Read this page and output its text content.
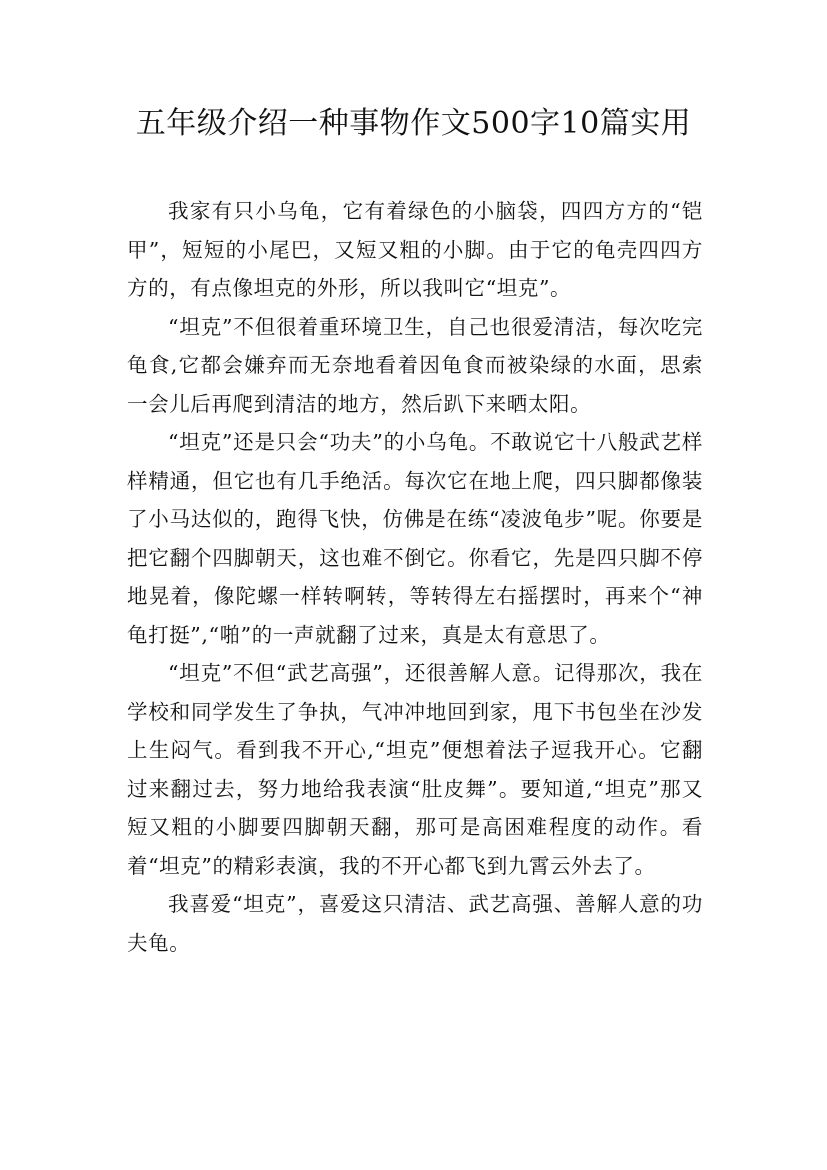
五年级介绍一种事物作文500字10篇实用

我家有只小乌龟，它有着绿色的小脑袋，四四方方的“铠甲”，短短的小尾巴，又短又粗的小脚。由于它的龟壳四四方方的，有点像坦克的外形，所以我叫它“坦克”。

“坦克”不但很着重环境卫生，自己也很爱清洁，每次吃完龟食,它都会嫌弃而无奈地看着因龟食而被染绿的水面，思索一会儿后再爬到清洁的地方，然后趴下来晒太阳。

“坦克”还是只会“功夫”的小乌龟。不敢说它十八般武艺样样精通，但它也有几手绝活。每次它在地上爬，四只脚都像装了小马达似的，跑得飞快，仿佛是在练“凌波龟步”呢。你要是把它翻个四脚朝天，这也难不倒它。你看它，先是四只脚不停地晃着，像陀螺一样转啊转，等转得左右摇摆时，再来个“神龟打挺”,“啪”的一声就翻了过来，真是太有意思了。

“坦克”不但“武艺高强”，还很善解人意。记得那次，我在学校和同学发生了争执，气冲冲地回到家，甩下书包坐在沙发上生闷气。看到我不开心,“坦克”便想着法子逗我开心。它翻过来翻过去，努力地给我表演“肚皮舞”。要知道,“坦克”那又短又粗的小脚要四脚朝天翻，那可是高困难程度的动作。看着“坦克”的精彩表演，我的不开心都飞到九霄云外去了。

我喜爱“坦克”，喜爱这只清洁、武艺高强、善解人意的功夫龟。
